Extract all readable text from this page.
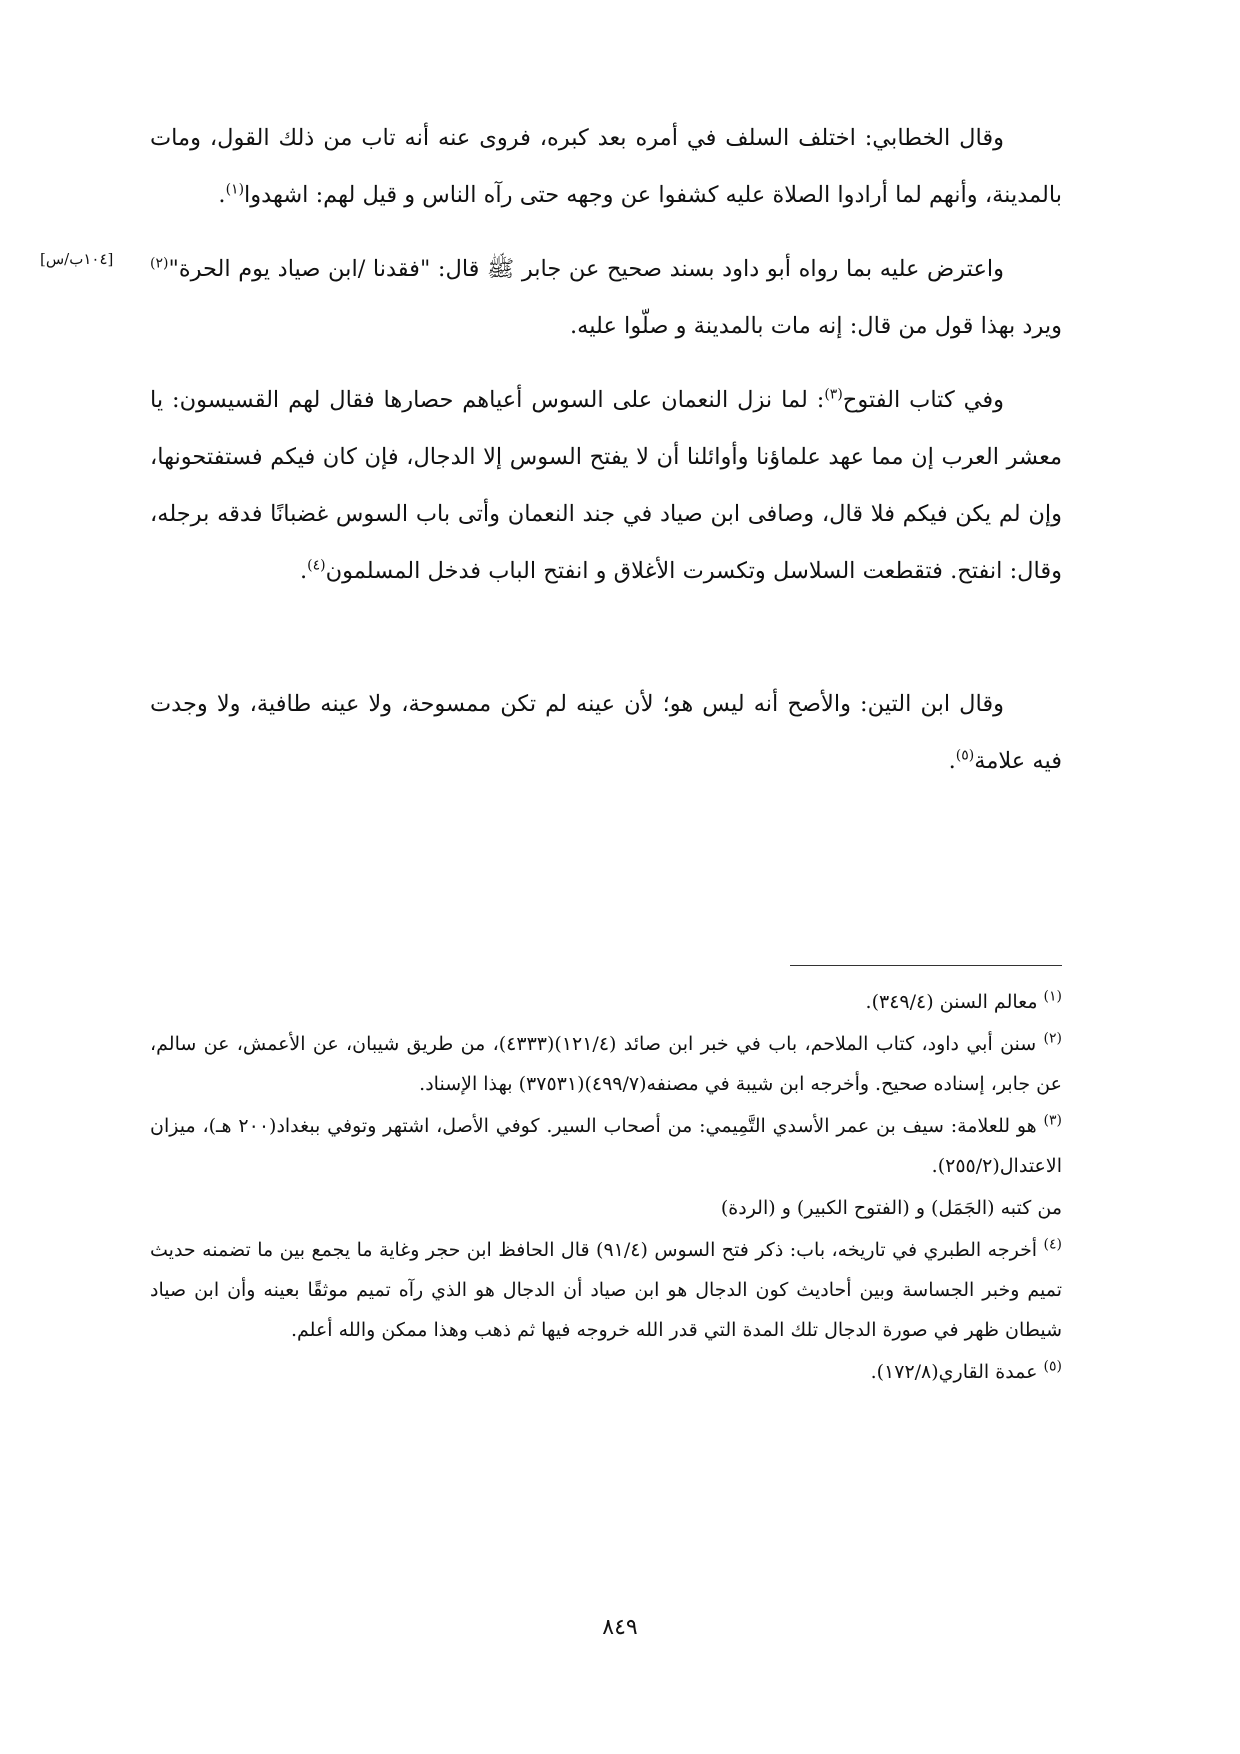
وقال الخطابي: اختلف السلف في أمره بعد كبره، فروى عنه أنه تاب من ذلك القول، ومات بالمدينة، وأنهم لما أرادوا الصلاة عليه كشفوا عن وجهه حتى رآه الناس و قيل لهم: اشهدوا$^{(١)}$.

واعترض عليه بما رواه أبو داود بسند صحيح عن جابر ﷺ قال: "فقدنا /ابن صياد يوم الحرة"$^{(٢)}$ ويرد بهذا قول من قال: إنه مات بالمدينة و صلّوا عليه.

[١٠٤ب/س]

وفي كتاب الفتوح$^{(٣)}$: لما نزل النعمان على السوس أعياهم حصارها فقال لهم القسيسون: يا معشر العرب إن مما عهد علماؤنا وأوائلنا أن لا يفتح السوس إلا الدجال، فإن كان فيكم فستفتحونها، وإن لم يكن فيكم فلا قال، وصافى ابن صياد في جند النعمان وأتى باب السوس غضبانًا فدقه برجله، وقال: انفتح. فتقطعت السلاسل وتكسرت الأغلاق و انفتح الباب فدخل المسلمون$^{(٤)}$.

وقال ابن التين: والأصح أنه ليس هو؛ لأن عينه لم تكن ممسوحة، ولا عينه طافية، ولا وجدت فيه علامة$^{(٥)}$.

$^{(١)}$ معالم السنن (٣٤٩/٤).

$^{(٢)}$ سنن أبي داود، كتاب الملاحم، باب في خبر ابن صائد (١٢١/٤)(٤٣٣٣)، من طريق شيبان، عن الأعمش، عن سالم، عن جابر، إسناده صحيح. وأخرجه ابن شيبة في مصنفه(٤٩٩/٧)(٣٧٥٣١) بهذا الإسناد.

$^{(٣)}$ هو للعلامة: سيف بن عمر الأسدي التَّمِيمي: من أصحاب السير. كوفي الأصل، اشتهر وتوفي ببغداد(٢٠٠ هـ)، ميزان الاعتدال(٢٥٥/٢).

من كتبه (الجَمَل) و (الفتوح الكبير) و (الردة)

$^{(٤)}$ أخرجه الطبري في تاريخه، باب: ذكر فتح السوس (٩١/٤) قال الحافظ ابن حجر وغاية ما يجمع بين ما تضمنه حديث تميم وخبر الجساسة وبين أحاديث كون الدجال هو ابن صياد أن الدجال هو الذي رآه تميم موثقًا بعينه وأن ابن صياد شيطان ظهر في صورة الدجال تلك المدة التي قدر الله خروجه فيها ثم ذهب وهذا ممكن والله أعلم.

$^{(٥)}$ عمدة القاري(١٧٢/٨).

٨٤٩
